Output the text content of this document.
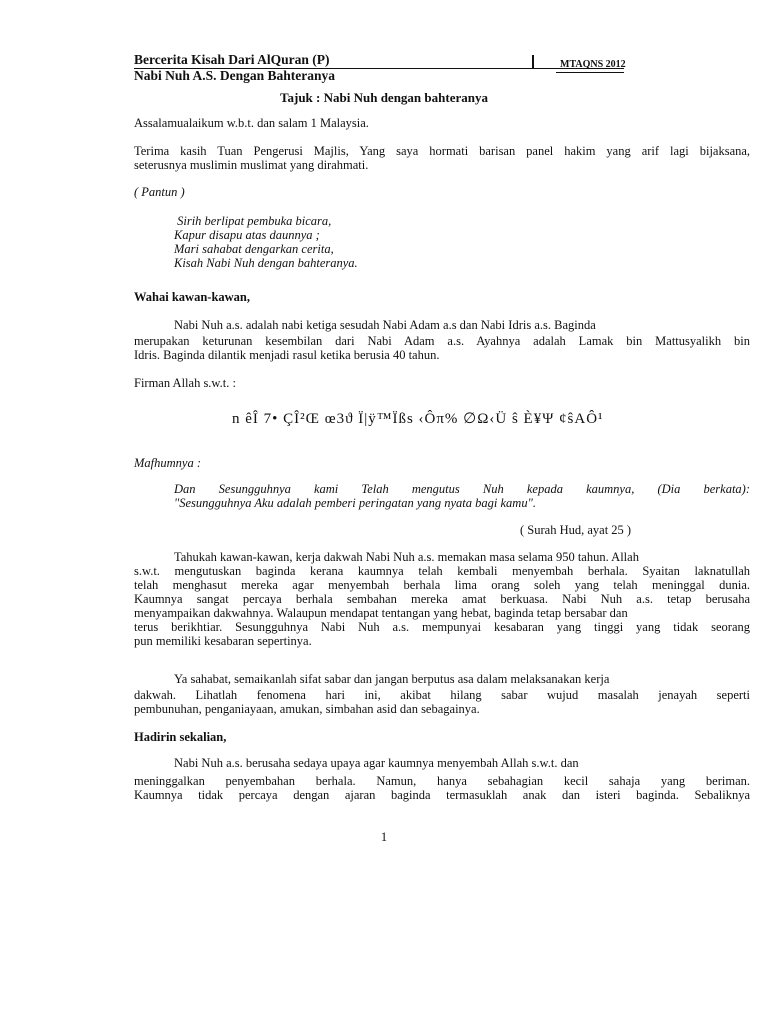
Bercerita Kisah Dari AlQuran (P)
Nabi Nuh A.S. Dengan Bahteranya
MTAQNS 2012
Tajuk : Nabi Nuh dengan bahteranya
Assalamualaikum w.b.t. dan salam 1 Malaysia.
Terima kasih Tuan Pengerusi Majlis, Yang saya hormati barisan panel hakim yang arif lagi bijaksana,
seterusnya muslimin muslimat yang dirahmati.
( Pantun )
Sirih berlipat pembuka bicara,
Kapur disapu atas daunnya ;
Mari sahabat dengarkan cerita,
Kisah Nabi Nuh dengan bahteranya.
Wahai kawan-kawan,
Nabi Nuh a.s. adalah nabi ketiga sesudah Nabi Adam a.s dan Nabi Idris a.s. Baginda
merupakan keturunan kesembilan dari Nabi Adam a.s. Ayahnya adalah Lamak bin Mattusyalikh bin
Idris. Baginda dilantik menjadi rasul ketika berusia 40 tahun.
Firman Allah s.w.t. :
n êÎ 7• ÇÎ²Œ œ3ϑ Ï|ÿ™Ïßs ‹Ôπ% ∅Ω‹Ü ŝ È¥Ψ ¢ŝΑÔ¹
Mafhumnya :
Dan Sesungguhnya kami Telah mengutus Nuh kepada kaumnya, (Dia berkata):
"Sesungguhnya Aku adalah pemberi peringatan yang nyata bagi kamu".
( Surah Hud, ayat 25 )
Tahukah kawan-kawan, kerja dakwah Nabi Nuh a.s. memakan masa selama 950 tahun. Allah
s.w.t. mengutuskan baginda kerana kaumnya telah kembali menyembah berhala. Syaitan laknatullah
telah menghasut mereka agar menyembah berhala lima orang soleh yang telah meninggal dunia.
Kaumnya sangat percaya berhala sembahan mereka amat berkuasa. Nabi Nuh a.s. tetap berusaha
menyampaikan dakwahnya. Walaupun mendapat tentangan yang hebat, baginda tetap bersabar dan
terus berikhtiar. Sesungguhnya Nabi Nuh a.s. mempunyai kesabaran yang tinggi yang tidak seorang
pun memiliki kesabaran sepertinya.
Ya sahabat, semaikanlah sifat sabar dan jangan berputus asa dalam melaksanakan kerja
dakwah. Lihatlah fenomena hari ini, akibat hilang sabar wujud masalah jenayah seperti
pembunuhan, penganiayaan, amukan, simbahan asid dan sebagainya.
Hadirin sekalian,
Nabi Nuh a.s. berusaha sedaya upaya agar kaumnya menyembah Allah s.w.t. dan
meninggalkan penyembahan berhala. Namun, hanya sebahagian kecil sahaja yang beriman.
Kaumnya tidak percaya dengan ajaran baginda termasuklah anak dan isteri baginda. Sebaliknya
1
